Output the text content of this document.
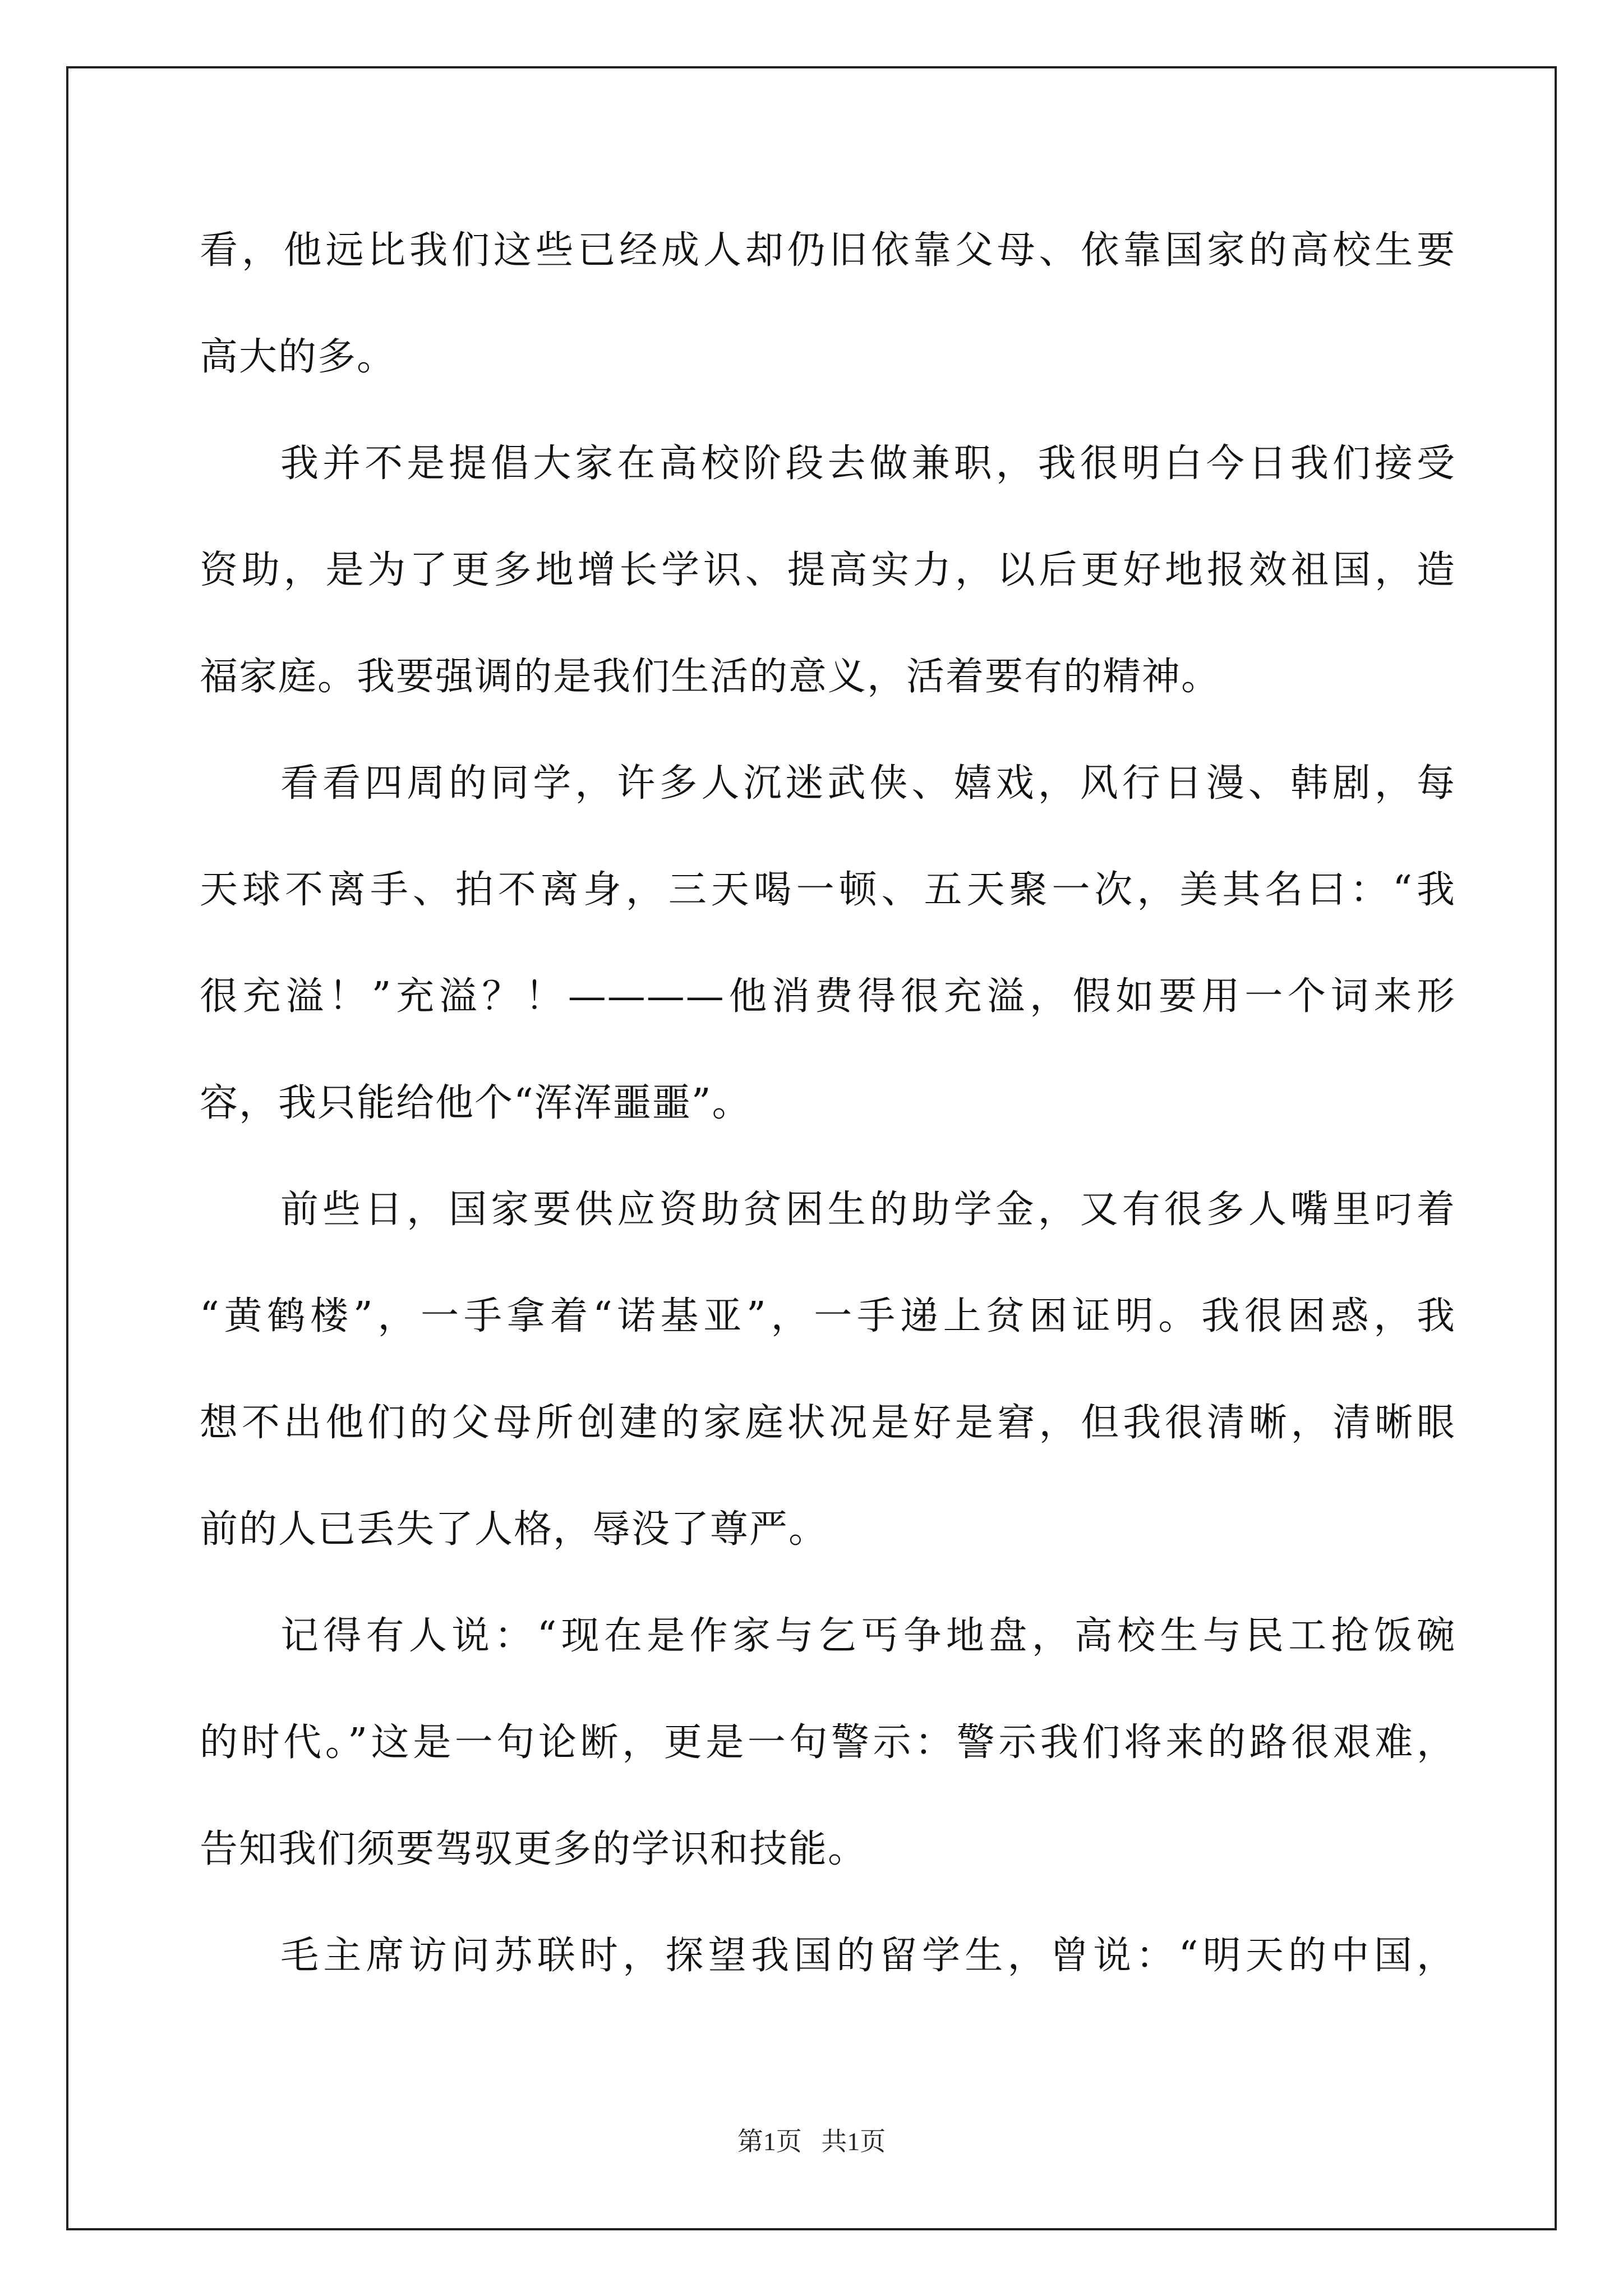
看，他远比我们这些已经成人却仍旧依靠父母、依靠国家的高校生要

高大的多。

我并不是提倡大家在高校阶段去做兼职，我很明白今日我们接受

资助，是为了更多地增长学识、提高实力，以后更好地报效祖国，造

福家庭。我要强调的是我们生活的意义，活着要有的精神。

看看四周的同学，许多人沉迷武侠、嬉戏，风行日漫、韩剧，每

天球不离手、拍不离身，三天喝一顿、五天聚一次，美其名曰：“我

很充溢！”充溢？！————他消费得很充溢，假如要用一个词来形

容，我只能给他个“浑浑噩噩”。

前些日，国家要供应资助贫困生的助学金，又有很多人嘴里叼着

“黄鹤楼”，一手拿着“诺基亚”，一手递上贫困证明。我很困惑，我

想不出他们的父母所创建的家庭状况是好是窘，但我很清晰，清晰眼

前的人已丢失了人格，辱没了尊严。

记得有人说：“现在是作家与乞丐争地盘，高校生与民工抢饭碗

的时代。”这是一句论断，更是一句警示：警示我们将来的路很艰难，

告知我们须要驾驭更多的学识和技能。

毛主席访问苏联时，探望我国的留学生，曾说：“明天的中国，

第1页   共1页
